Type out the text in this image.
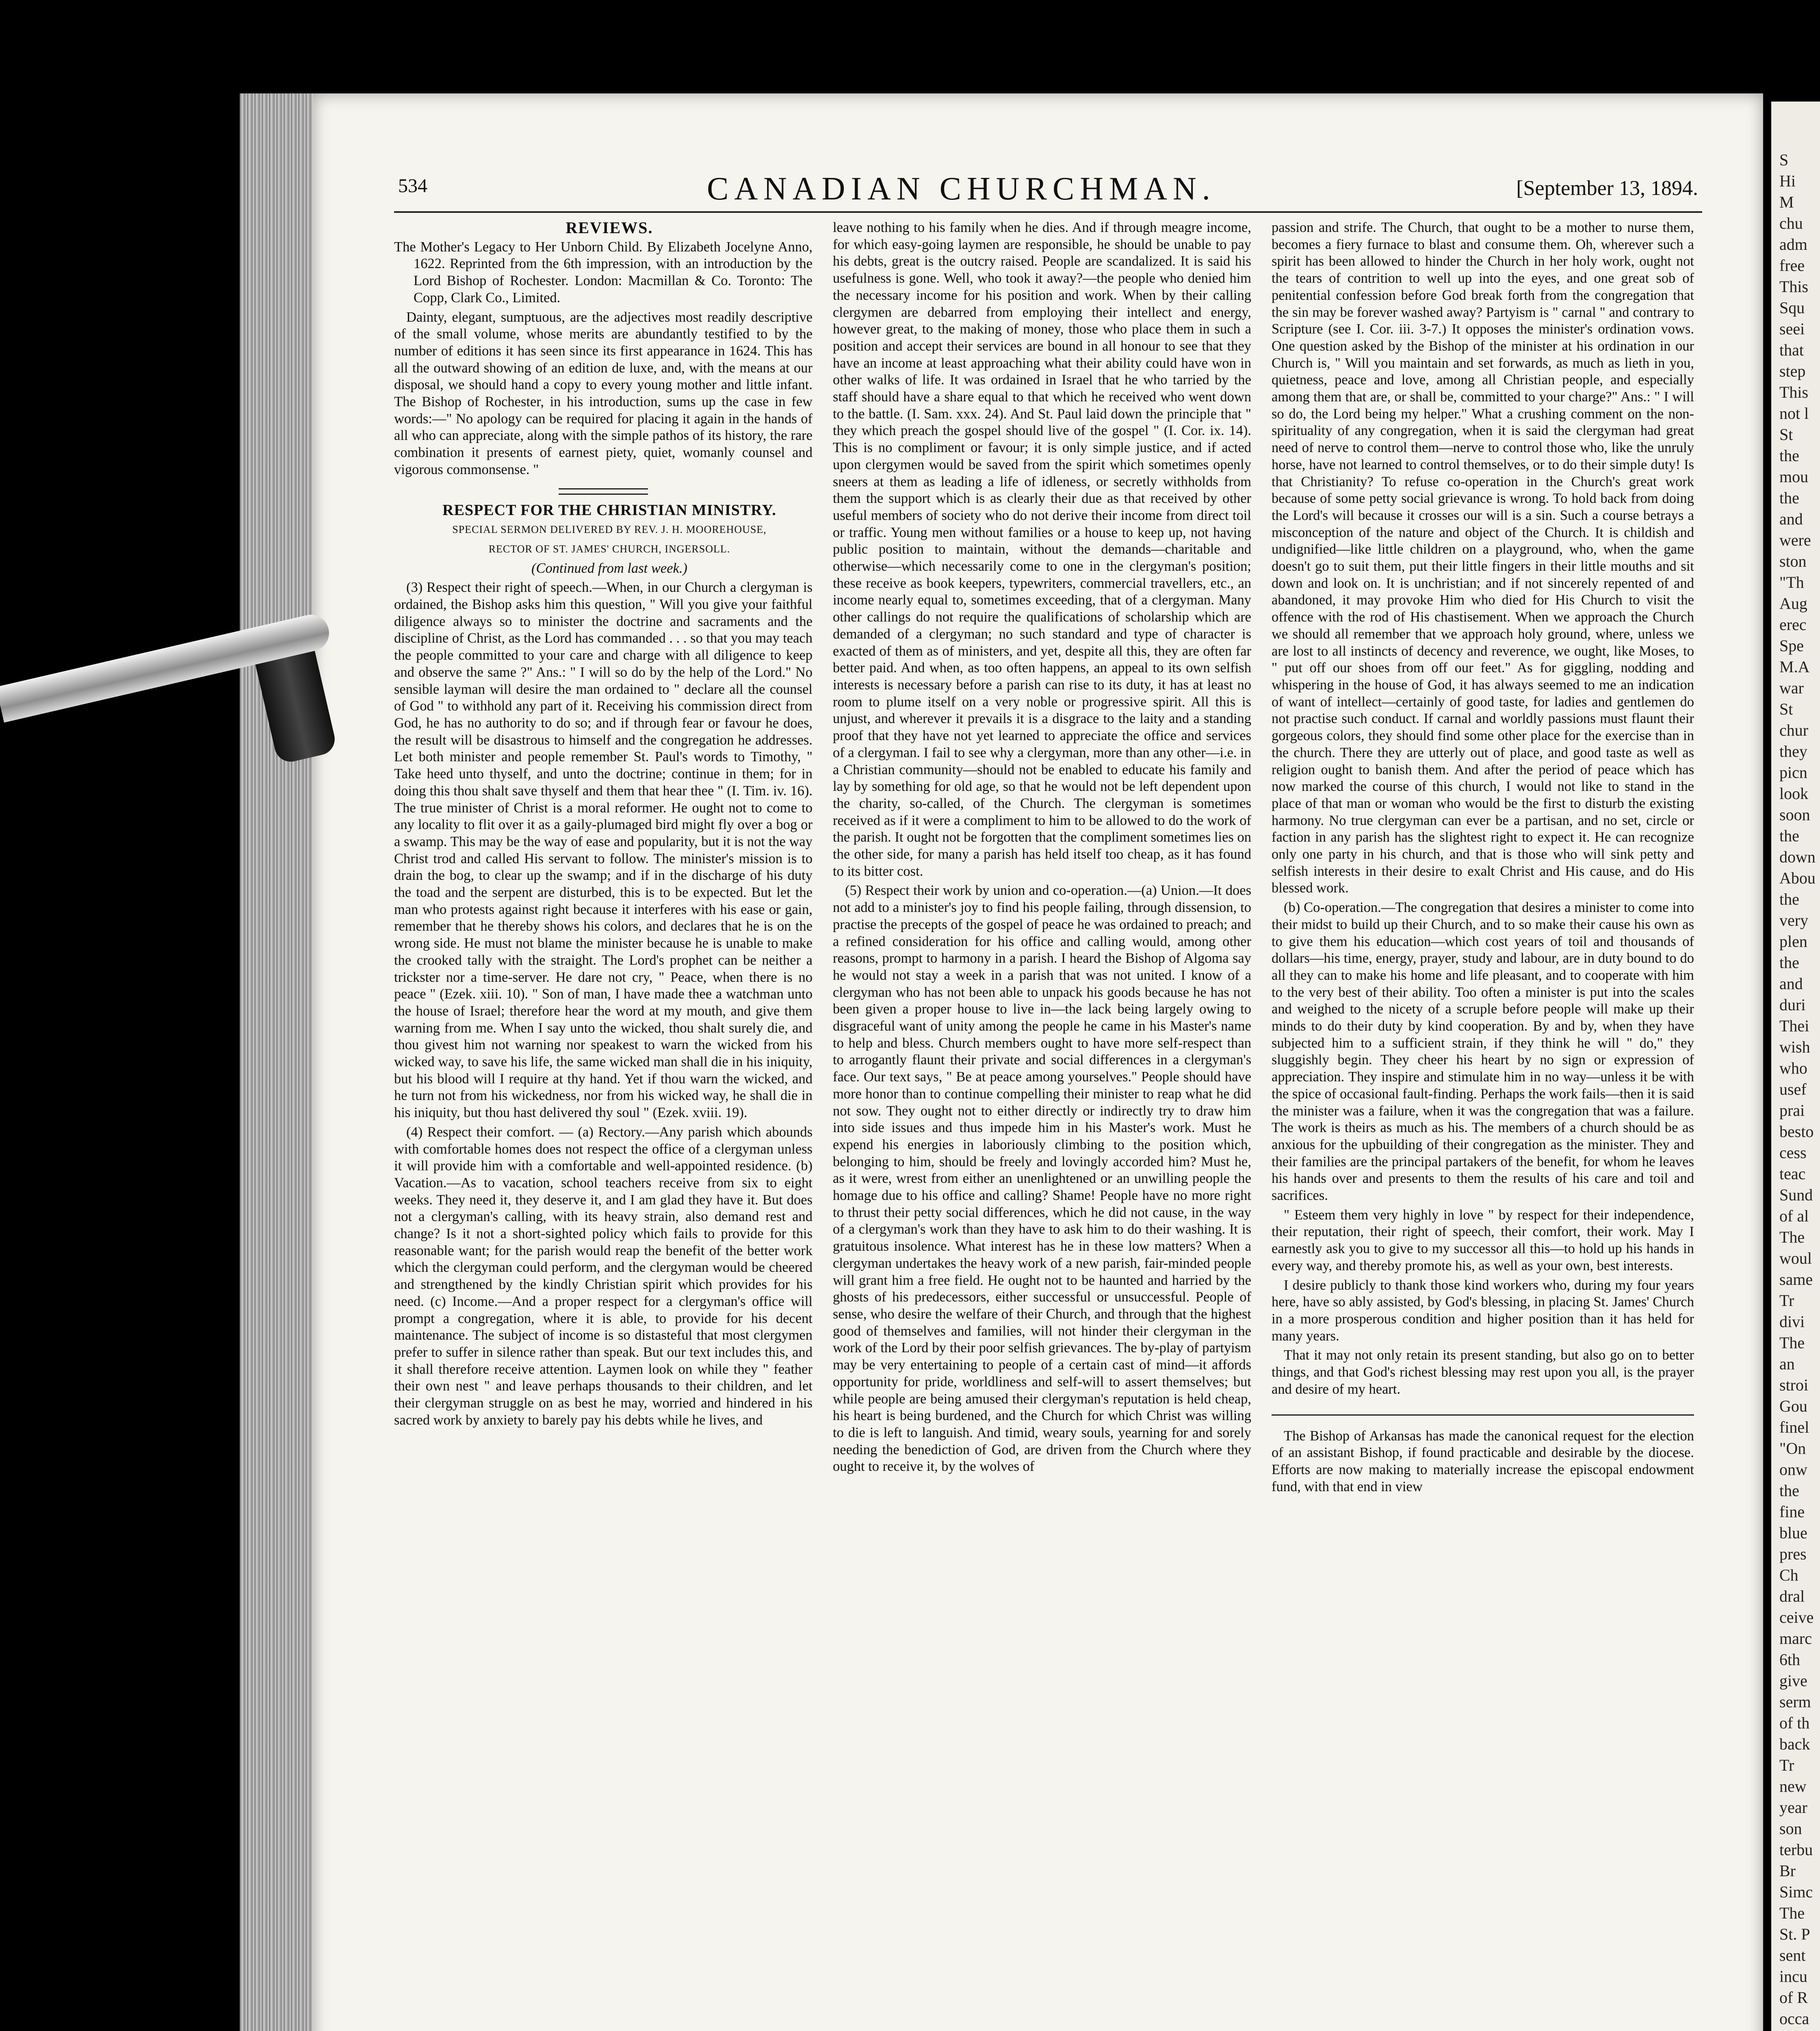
S
Hi
M
chu
adm
free
This
Squ
seei
that
step
This
not l
St
the
mou
the
and
were
ston
"Th
Aug
erec
Spe
M.A
war
St
chur
they
picn
look
soon
the
down
Abou
the
very
plen
the
and
duri
Thei
wish
who
usef
prai
besto
cess
teac
Sund
of al
The
woul
same
Tr
divi
The
an
stroi
Gou
finel
"On
onw
the
fine
blue
pres
Ch
dral
ceive
marc
6th
give
serm
of th
back
Tr
new
year
son
terbu
Br
Simc
The
St. P
sent
incu
of R
occa
534	CANADIAN CHURCHMAN.	[September 13, 1894.

REVIEWS.

The Mother's Legacy to Her Unborn Child. By Elizabeth Jocelyne Anno, 1622. Reprinted from the 6th impression, with an introduction by the Lord Bishop of Rochester. London: Macmillan & Co. Toronto: The Copp, Clark Co., Limited.

Dainty, elegant, sumptuous, are the adjectives most readily descriptive of the small volume, whose merits are abundantly testified to by the number of editions it has seen since its first appearance in 1624. This has all the outward showing of an edition de luxe, and, with the means at our disposal, we should hand a copy to every young mother and little infant. The Bishop of Rochester, in his introduction, sums up the case in few words:—" No apology can be required for placing it again in the hands of all who can appreciate, along with the simple pathos of its history, the rare combination it presents of earnest piety, quiet, womanly counsel and vigorous commonsense. "

RESPECT FOR THE CHRISTIAN MINISTRY.

SPECIAL SERMON DELIVERED BY REV. J. H. MOOREHOUSE,

RECTOR OF ST. JAMES' CHURCH, INGERSOLL.

(Continued from last week.)

(3) Respect their right of speech.—When, in our Church a clergyman is ordained, the Bishop asks him this question, " Will you give your faithful diligence always so to minister the doctrine and sacraments and the discipline of Christ, as the Lord has commanded . . . so that you may teach the people committed to your care and charge with all diligence to keep and observe the same ?" Ans.: " I will so do by the help of the Lord." No sensible layman will desire the man ordained to " declare all the counsel of God " to withhold any part of it. Receiving his commission direct from God, he has no authority to do so; and if through fear or favour he does, the result will be disastrous to himself and the congregation he addresses. Let both minister and people remember St. Paul's words to Timothy, " Take heed unto thyself, and unto the doctrine; continue in them; for in doing this thou shalt save thyself and them that hear thee " (I. Tim. iv. 16). The true minister of Christ is a moral reformer. He ought not to come to any locality to flit over it as a gaily-plumaged bird might fly over a bog or a swamp. This may be the way of ease and popularity, but it is not the way Christ trod and called His servant to follow. The minister's mission is to drain the bog, to clear up the swamp; and if in the discharge of his duty the toad and the serpent are disturbed, this is to be expected. But let the man who protests against right because it interferes with his ease or gain, remember that he thereby shows his colors, and declares that he is on the wrong side. He must not blame the minister because he is unable to make the crooked tally with the straight. The Lord's prophet can be neither a trickster nor a time-server. He dare not cry, " Peace, when there is no peace " (Ezek. xiii. 10). " Son of man, I have made thee a watchman unto the house of Israel; therefore hear the word at my mouth, and give them warning from me. When I say unto the wicked, thou shalt surely die, and thou givest him not warning nor speakest to warn the wicked from his wicked way, to save his life, the same wicked man shall die in his iniquity, but his blood will I require at thy hand. Yet if thou warn the wicked, and he turn not from his wickedness, nor from his wicked way, he shall die in his iniquity, but thou hast delivered thy soul " (Ezek. xviii. 19).

(4) Respect their comfort. — (a) Rectory.—Any parish which abounds with comfortable homes does not respect the office of a clergyman unless it will provide him with a comfortable and well-appointed residence. (b) Vacation.—As to vacation, school teachers receive from six to eight weeks. They need it, they deserve it, and I am glad they have it. But does not a clergyman's calling, with its heavy strain, also demand rest and change? Is it not a short-sighted policy which fails to provide for this reasonable want; for the parish would reap the benefit of the better work which the clergyman could perform, and the clergyman would be cheered and strengthened by the kindly Christian spirit which provides for his need. (c) Income.—And a proper respect for a clergyman's office will prompt a congregation, where it is able, to provide for his decent maintenance. The subject of income is so distasteful that most clergymen prefer to suffer in silence rather than speak. But our text includes this, and it shall therefore receive attention. Laymen look on while they " feather their own nest " and leave perhaps thousands to their children, and let their clergyman struggle on as best he may, worried and hindered in his sacred work by anxiety to barely pay his debts while he lives, and

leave nothing to his family when he dies. And if through meagre income, for which easy-going laymen are responsible, he should be unable to pay his debts, great is the outcry raised. People are scandalized. It is said his usefulness is gone. Well, who took it away?—the people who denied him the necessary income for his position and work. When by their calling clergymen are debarred from employing their intellect and energy, however great, to the making of money, those who place them in such a position and accept their services are bound in all honour to see that they have an income at least approaching what their ability could have won in other walks of life. It was ordained in Israel that he who tarried by the staff should have a share equal to that which he received who went down to the battle. (I. Sam. xxx. 24). And St. Paul laid down the principle that " they which preach the gospel should live of the gospel " (I. Cor. ix. 14). This is no compliment or favour; it is only simple justice, and if acted upon clergymen would be saved from the spirit which sometimes openly sneers at them as leading a life of idleness, or secretly withholds from them the support which is as clearly their due as that received by other useful members of society who do not derive their income from direct toil or traffic. Young men without families or a house to keep up, not having public position to maintain, without the demands—charitable and otherwise—which necessarily come to one in the clergyman's position; these receive as book keepers, typewriters, commercial travellers, etc., an income nearly equal to, sometimes exceeding, that of a clergyman. Many other callings do not require the qualifications of scholarship which are demanded of a clergyman; no such standard and type of character is exacted of them as of ministers, and yet, despite all this, they are often far better paid. And when, as too often happens, an appeal to its own selfish interests is necessary before a parish can rise to its duty, it has at least no room to plume itself on a very noble or progressive spirit. All this is unjust, and wherever it prevails it is a disgrace to the laity and a standing proof that they have not yet learned to appreciate the office and services of a clergyman. I fail to see why a clergyman, more than any other—i.e. in a Christian community—should not be enabled to educate his family and lay by something for old age, so that he would not be left dependent upon the charity, so-called, of the Church. The clergyman is sometimes received as if it were a compliment to him to be allowed to do the work of the parish. It ought not be forgotten that the compliment sometimes lies on the other side, for many a parish has held itself too cheap, as it has found to its bitter cost.

(5) Respect their work by union and co-operation.—(a) Union.—It does not add to a minister's joy to find his people failing, through dissension, to practise the precepts of the gospel of peace he was ordained to preach; and a refined consideration for his office and calling would, among other reasons, prompt to harmony in a parish. I heard the Bishop of Algoma say he would not stay a week in a parish that was not united. I know of a clergyman who has not been able to unpack his goods because he has not been given a proper house to live in—the lack being largely owing to disgraceful want of unity among the people he came in his Master's name to help and bless. Church members ought to have more self-respect than to arrogantly flaunt their private and social differences in a clergyman's face. Our text says, " Be at peace among yourselves." People should have more honor than to continue compelling their minister to reap what he did not sow. They ought not to either directly or indirectly try to draw him into side issues and thus impede him in his Master's work. Must he expend his energies in laboriously climbing to the position which, belonging to him, should be freely and lovingly accorded him? Must he, as it were, wrest from either an unenlightened or an unwilling people the homage due to his office and calling? Shame! People have no more right to thrust their petty social differences, which he did not cause, in the way of a clergyman's work than they have to ask him to do their washing. It is gratuitous insolence. What interest has he in these low matters? When a clergyman undertakes the heavy work of a new parish, fair-minded people will grant him a free field. He ought not to be haunted and harried by the ghosts of his predecessors, either successful or unsuccessful. People of sense, who desire the welfare of their Church, and through that the highest good of themselves and families, will not hinder their clergyman in the work of the Lord by their poor selfish grievances. The by-play of partyism may be very entertaining to people of a certain cast of mind—it affords opportunity for pride, worldliness and self-will to assert themselves; but while people are being amused their clergyman's reputation is held cheap, his heart is being burdened, and the Church for which Christ was willing to die is left to languish. And timid, weary souls, yearning for and sorely needing the benediction of God, are driven from the Church where they ought to receive it, by the wolves of

passion and strife. The Church, that ought to be a mother to nurse them, becomes a fiery furnace to blast and consume them. Oh, wherever such a spirit has been allowed to hinder the Church in her holy work, ought not the tears of contrition to well up into the eyes, and one great sob of penitential confession before God break forth from the congregation that the sin may be forever washed away? Partyism is " carnal " and contrary to Scripture (see I. Cor. iii. 3-7.) It opposes the minister's ordination vows. One question asked by the Bishop of the minister at his ordination in our Church is, " Will you maintain and set forwards, as much as lieth in you, quietness, peace and love, among all Christian people, and especially among them that are, or shall be, committed to your charge?" Ans.: " I will so do, the Lord being my helper." What a crushing comment on the non-spirituality of any congregation, when it is said the clergyman had great need of nerve to control them—nerve to control those who, like the unruly horse, have not learned to control themselves, or to do their simple duty! Is that Christianity? To refuse co-operation in the Church's great work because of some petty social grievance is wrong. To hold back from doing the Lord's will because it crosses our will is a sin. Such a course betrays a misconception of the nature and object of the Church. It is childish and undignified—like little children on a playground, who, when the game doesn't go to suit them, put their little fingers in their little mouths and sit down and look on. It is unchristian; and if not sincerely repented of and abandoned, it may provoke Him who died for His Church to visit the offence with the rod of His chastisement. When we approach the Church we should all remember that we approach holy ground, where, unless we are lost to all instincts of decency and reverence, we ought, like Moses, to " put off our shoes from off our feet." As for giggling, nodding and whispering in the house of God, it has always seemed to me an indication of want of intellect—certainly of good taste, for ladies and gentlemen do not practise such conduct. If carnal and worldly passions must flaunt their gorgeous colors, they should find some other place for the exercise than in the church. There they are utterly out of place, and good taste as well as religion ought to banish them. And after the period of peace which has now marked the course of this church, I would not like to stand in the place of that man or woman who would be the first to disturb the existing harmony. No true clergyman can ever be a partisan, and no set, circle or faction in any parish has the slightest right to expect it. He can recognize only one party in his church, and that is those who will sink petty and selfish interests in their desire to exalt Christ and His cause, and do His blessed work.

(b) Co-operation.—The congregation that desires a minister to come into their midst to build up their Church, and to so make their cause his own as to give them his education—which cost years of toil and thousands of dollars—his time, energy, prayer, study and labour, are in duty bound to do all they can to make his home and life pleasant, and to cooperate with him to the very best of their ability. Too often a minister is put into the scales and weighed to the nicety of a scruple before people will make up their minds to do their duty by kind cooperation. By and by, when they have subjected him to a sufficient strain, if they think he will " do," they sluggishly begin. They cheer his heart by no sign or expression of appreciation. They inspire and stimulate him in no way—unless it be with the spice of occasional fault-finding. Perhaps the work fails—then it is said the minister was a failure, when it was the congregation that was a failure. The work is theirs as much as his. The members of a church should be as anxious for the upbuilding of their congregation as the minister. They and their families are the principal partakers of the benefit, for whom he leaves his hands over and presents to them the results of his care and toil and sacrifices.

" Esteem them very highly in love " by respect for their independence, their reputation, their right of speech, their comfort, their work. May I earnestly ask you to give to my successor all this—to hold up his hands in every way, and thereby promote his, as well as your own, best interests.

I desire publicly to thank those kind workers who, during my four years here, have so ably assisted, by God's blessing, in placing St. James' Church in a more prosperous condition and higher position than it has held for many years.

That it may not only retain its present standing, but also go on to better things, and that God's richest blessing may rest upon you all, is the prayer and desire of my heart.

The Bishop of Arkansas has made the canonical request for the election of an assistant Bishop, if found practicable and desirable by the diocese. Efforts are now making to materially increase the episcopal endowment fund, with that end in view
